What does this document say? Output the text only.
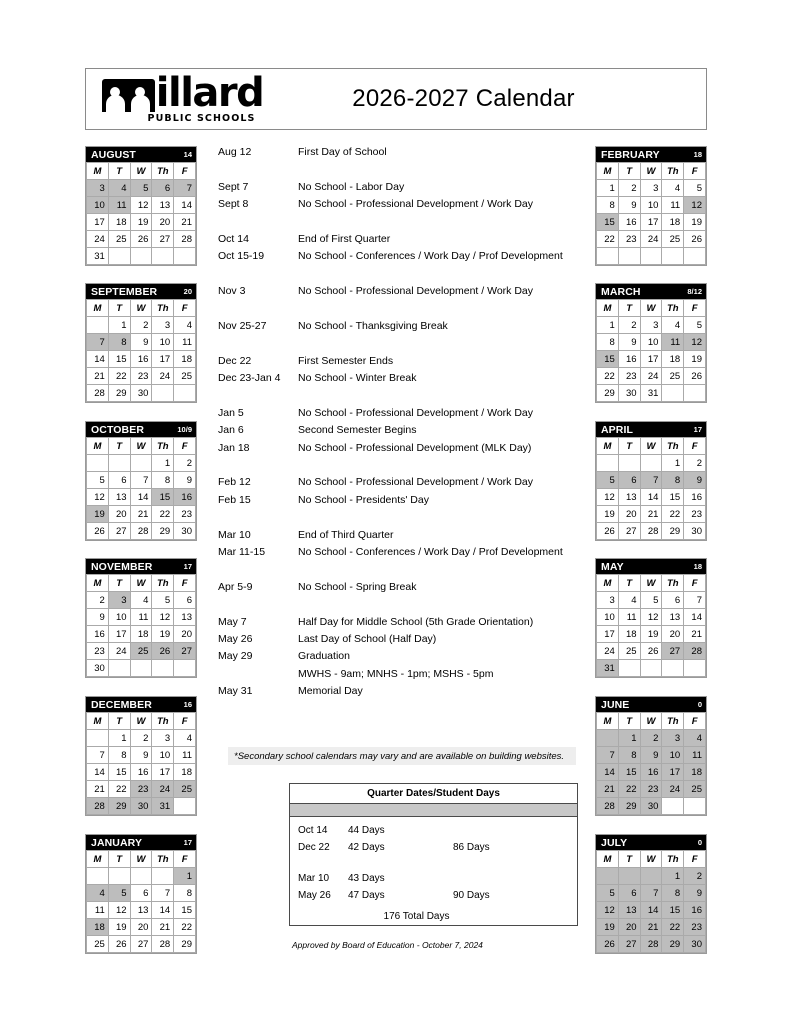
illard
PUBLIC SCHOOLS
2026-2027 Calendar
Aug 12	First Day of School
Sept 7	No School - Labor Day
Sept 8	No School - Professional Development / Work Day
Oct 14	End of First Quarter
Oct 15-19	No School - Conferences / Work Day / Prof Development
Nov 3	No School - Professional Development / Work Day
Nov 25-27	No School - Thanksgiving Break
Dec 22	First Semester Ends
Dec 23-Jan 4	No School - Winter Break
Jan 5	No School - Professional Development / Work Day
Jan 6	Second Semester Begins
Jan 18	No School - Professional Development (MLK Day)
Feb 12	No School - Professional Development / Work Day
Feb 15	No School - Presidents' Day
Mar 10	End of Third Quarter
Mar 11-15	No School - Conferences / Work Day / Prof Development
Apr 5-9	No School - Spring Break
May 7	Half Day for Middle School (5th Grade Orientation)
May 26	Last Day of School (Half Day)
May 29	Graduation
MWHS - 9am; MNHS - 1pm; MSHS - 5pm
May 31	Memorial Day
*Secondary school calendars may vary and are available on building websites.
Quarter Dates/Student Days
Oct 14	44 Days
Dec 22	42 Days	86 Days
Mar 10	43 Days
May 26	47 Days	90 Days
176 Total Days
Approved by Board of Education - October 7, 2024
AUGUST	14
M	T	W	Th	F
3	4	5	6	7
10	11	12	13	14
17	18	19	20	21
24	25	26	27	28
31				
SEPTEMBER	20
M	T	W	Th	F
	1	2	3	4
7	8	9	10	11
14	15	16	17	18
21	22	23	24	25
28	29	30		
OCTOBER	10/9
M	T	W	Th	F
			1	2
5	6	7	8	9
12	13	14	15	16
19	20	21	22	23
26	27	28	29	30
NOVEMBER	17
M	T	W	Th	F
2	3	4	5	6
9	10	11	12	13
16	17	18	19	20
23	24	25	26	27
30				
DECEMBER	16
M	T	W	Th	F
	1	2	3	4
7	8	9	10	11
14	15	16	17	18
21	22	23	24	25
28	29	30	31	
JANUARY	17
M	T	W	Th	F
				1
4	5	6	7	8
11	12	13	14	15
18	19	20	21	22
25	26	27	28	29
FEBRUARY	18
M	T	W	Th	F
1	2	3	4	5
8	9	10	11	12
15	16	17	18	19
22	23	24	25	26

MARCH	8/12
M	T	W	Th	F
1	2	3	4	5
8	9	10	11	12
15	16	17	18	19
22	23	24	25	26
29	30	31		
APRIL	17
M	T	W	Th	F
			1	2
5	6	7	8	9
12	13	14	15	16
19	20	21	22	23
26	27	28	29	30
MAY	18
M	T	W	Th	F
3	4	5	6	7
10	11	12	13	14
17	18	19	20	21
24	25	26	27	28
31				
JUNE	0
M	T	W	Th	F
	1	2	3	4
7	8	9	10	11
14	15	16	17	18
21	22	23	24	25
28	29	30		
JULY	0
M	T	W	Th	F
			1	2
5	6	7	8	9
12	13	14	15	16
19	20	21	22	23
26	27	28	29	30
